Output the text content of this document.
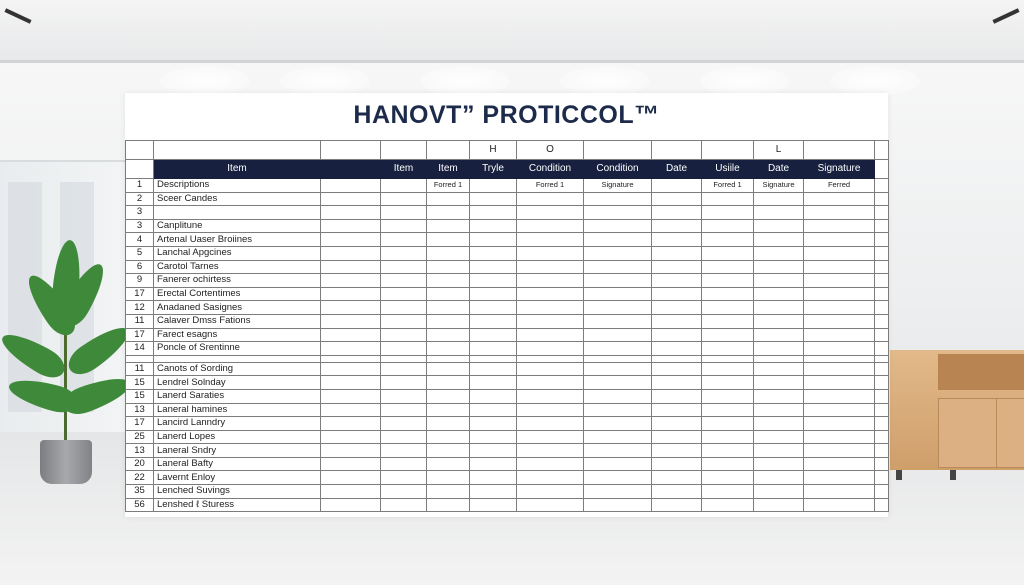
HANOVT” PROTICCOL™
					H	O				L		
	Item		Item	Item	Tryle	Condition	Condition	Date	Usiile	Date	Signature	
1	Descriptions			Forred 1		Forred 1	Signature		Forred 1	Signature	Ferred	
2	Sceer Candes											
3												
3	Canplitune											
4	Artenal Uaser Broiines											
5	Lanchal Apgcines											
6	Carotol Tarnes											
9	Fanerer ochirtess											
17	Erectal Cortentimes											
12	Anadaned Sasignes											
11	Calaver Dmss Fations											
17	Farect esagns											
14	Poncle of Srentinne											

11	Canots of Sording											
15	Lendrel Solnday											
15	Lanerd Saraties											
13	Laneral hamines											
17	Lancird Lanndry											
25	Lanerd Lopes											
13	Laneral Sndry											
20	Laneral Bafty											
22	Lavernt Enloy											
35	Lenched Suvings											
56	Lenshed ℓ Sturess											
